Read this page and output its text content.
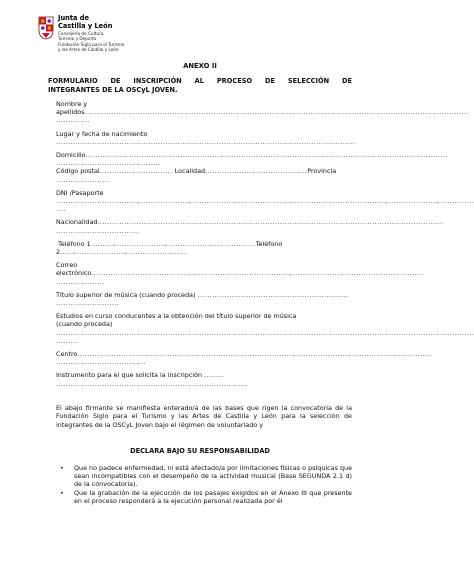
Junta de
Castilla y León
Consejería de Cultura,
Turismo y Deporte
Fundación Siglo para el Turismo
y las Artes de Castilla y León
ANEXO II
FORMULARIO DE INSCRIPCIÓN AL PROCESO DE SELECCIÓN DE
INTEGRANTES DE LA OSCyL JOVEN.
Nombre y
apellidos..............................................................................................................................................................
..............
Lugar y fecha de nacimiento
...........................................................................................................................
Domicilio.....................................................................................................................................................
...........................................
Código postal.............................. Localidad..........................................Provincia
......................
DNI /Pasaporte
............................................................................................................................................................................
....
Nacionalidad..............................................................................................................................................
..................................
Teléfono 1 ...................................................................Teléfono
2....................................................
Correo
electrónico.........................................................................................................................................
....................
Título superior de música (cuando proceda) ..............................................................
..........................
Estudios en curso conducentes a la obtención del título superior de música
(cuando proceda)
............................................................................................................................................................................
.........
Centro..................................................................................................................................................
.....................................
Instrumento para el que solicita la inscripción ........
...............................................................................
El abajo firmante se manifiesta enterado/a de las bases que rigen la convocatoria de la Fundación Siglo para el Turismo y las Artes de Castilla y León para la selección de integrantes de la OSCyL Joven bajo el régimen de voluntariado y
DECLARA BAJO SU RESPONSABILIDAD
• Que no padece enfermedad, ni está afectado/a por limitaciones físicas o psíquicas que sean incompatibles con el desempeño de la actividad musical (Base SEGUNDA 2.1 d) de la convocatoria).
• Que la grabación de la ejecución de los pasajes exigidos en el Anexo III que presente en el proceso responderá a la ejecución personal realizada por él
